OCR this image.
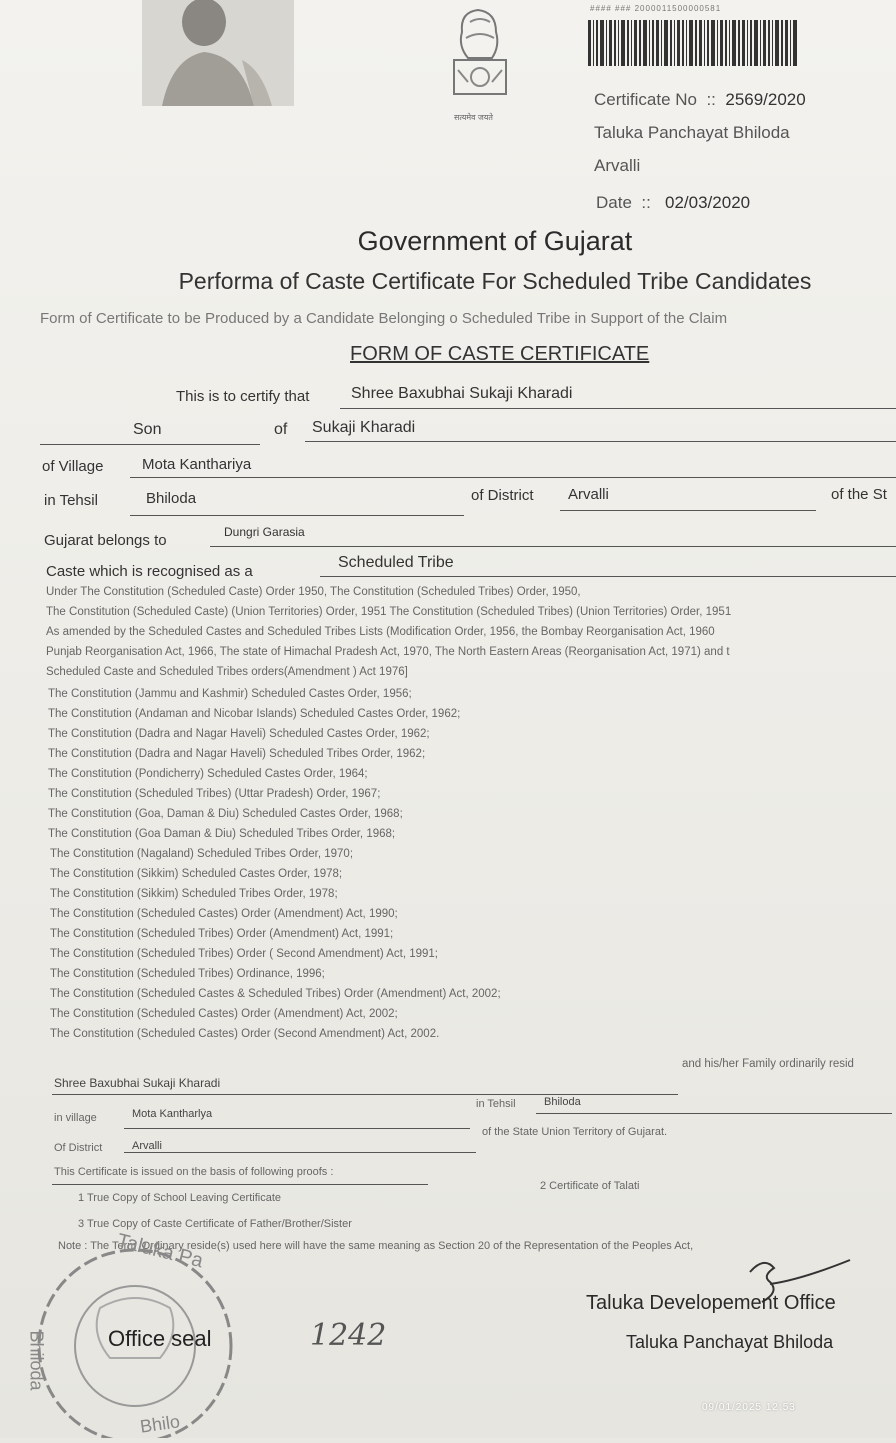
सत्यमेव जयते
#### ### 2000011500000581
Certificate No  ::  2569/2020
Taluka Panchayat Bhiloda
Arvalli
Date  ::   02/03/2020
Government of Gujarat
Performa of Caste Certificate For Scheduled Tribe Candidates
Form of Certificate to be Produced by a Candidate Belonging o Scheduled Tribe in Support of the Claim
FORM OF CASTE CERTIFICATE
This is to certify that	Shree Baxubhai Sukaji Kharadi
Son	of Sukaji Kharadi
of Village	Mota Kanthariya
in Tehsil	Bhiloda	of District Arvalli	of the St
Gujarat belongs to	Dungri Garasia
Caste which is recognised as a
Scheduled Tribe
Under The Constitution (Scheduled Caste) Order 1950, The Constitution (Scheduled Tribes) Order, 1950,
The Constitution (Scheduled Caste) (Union Territories) Order, 1951 The Constitution (Scheduled Tribes) (Union Territories) Order, 1951
As amended by the Scheduled Castes and Scheduled Tribes Lists (Modification Order, 1956, the Bombay Reorganisation Act, 1960
Punjab Reorganisation Act, 1966, The state of Himachal Pradesh Act, 1970, The North Eastern Areas (Reorganisation Act, 1971) and t
Scheduled Caste and Scheduled Tribes orders(Amendment ) Act 1976]
The Constitution (Jammu and Kashmir) Scheduled Castes Order, 1956;
The Constitution (Andaman and Nicobar Islands) Scheduled Castes Order, 1962;
The Constitution (Dadra and Nagar Haveli) Scheduled Castes Order, 1962;
The Constitution (Dadra and Nagar Haveli) Scheduled Tribes Order, 1962;
The Constitution (Pondicherry) Scheduled Castes Order, 1964;
The Constitution (Scheduled Tribes) (Uttar Pradesh) Order, 1967;
The Constitution (Goa, Daman & Diu) Scheduled Castes Order, 1968;
The Constitution (Goa Daman & Diu) Scheduled Tribes Order, 1968;
The Constitution (Nagaland) Scheduled Tribes Order, 1970;
The Constitution (Sikkim) Scheduled Castes Order, 1978;
The Constitution (Sikkim) Scheduled Tribes Order, 1978;
The Constitution (Scheduled Castes) Order (Amendment) Act, 1990;
The Constitution (Scheduled Tribes) Order (Amendment) Act, 1991;
The Constitution (Scheduled Tribes) Order ( Second Amendment) Act, 1991;
The Constitution (Scheduled Tribes) Ordinance, 1996;
The Constitution (Scheduled Castes & Scheduled Tribes) Order (Amendment) Act, 2002;
The Constitution (Scheduled Castes) Order (Amendment) Act, 2002;
The Constitution (Scheduled Castes) Order (Second Amendment) Act, 2002.
and his/her Family ordinarily resid
Shree Baxubhai Sukaji Kharadi
in village	Mota Kantharlya
in Tehsil	Bhiloda
Of District	Arvalli
of the State Union Territory of Gujarat.
This Certificate is issued on the basis of following proofs :
1 True Copy of School Leaving Certificate
2 Certificate of Talati
3 True Copy of Caste Certificate of Father/Brother/Sister
Note : The Term 'Ordinary reside(s) used here will have the same meaning as Section 20 of the Representation of the Peoples Act,
Taluka Pa
Bhiloda
Bhilo
Office seal	1242
Taluka Developement Office
Taluka Panchayat Bhiloda
09/01/2025 12:53
